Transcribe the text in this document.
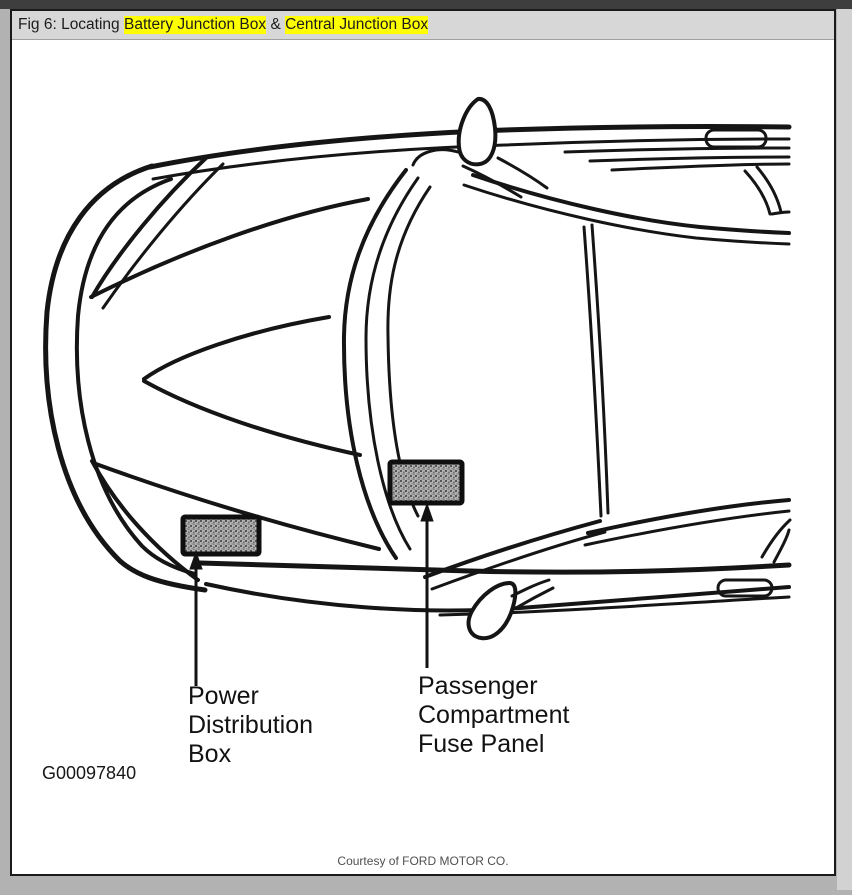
Fig 6: Locating Battery Junction Box & Central Junction Box
Courtesy of FORD MOTOR CO.
Power
Distribution
Box
Passenger
Compartment
Fuse Panel
G00097840
